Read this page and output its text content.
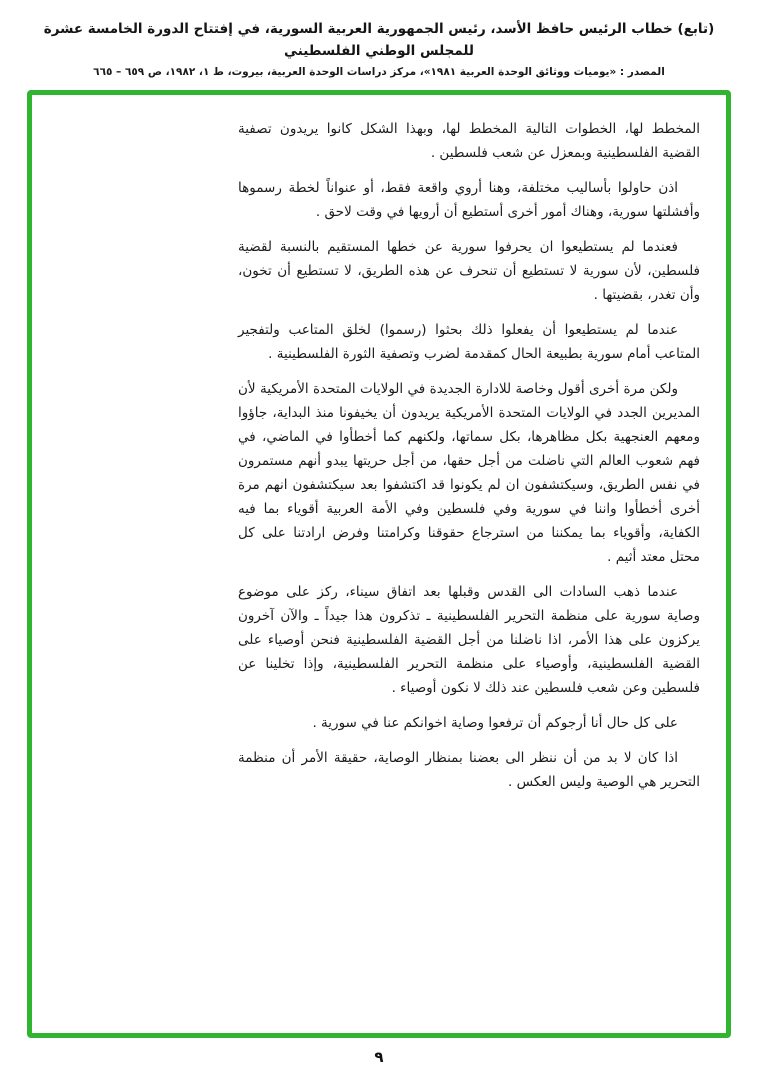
(تابع) خطاب الرئيس حافظ الأسد، رئيس الجمهورية العربية السورية، في إفتتاح الدورة الخامسة عشرة للمجلس الوطني الفلسطيني
المصدر : «يوميات ووثائق الوحدة العربية ١٩٨١»، مركز دراسات الوحدة العربية، بيروت، ط ١، ١٩٨٢، ص ٦٥٩ – ٦٦٥

المخطط لها، الخطوات التالية المخطط لها، وبهذا الشكل كانوا يريدون تصفية القضية الفلسطينية وبمعزل عن شعب فلسطين .

اذن حاولوا بأساليب مختلفة، وهنا أروي واقعة فقط، أو عنواناً لخطة رسموها وأفشلتها سورية، وهناك أمور أخرى أستطيع أن أرويها في وقت لاحق .

فعندما لم يستطيعوا ان يحرفوا سورية عن خطها المستقيم بالنسبة لقضية فلسطين، لأن سورية لا تستطيع أن تنحرف عن هذه الطريق، لا تستطيع أن تخون، وأن تغدر، بقضيتها .

عندما لم يستطيعوا أن يفعلوا ذلك بحثوا (رسموا) لخلق المتاعب ولتفجير المتاعب أمام سورية بطبيعة الحال كمقدمة لضرب وتصفية الثورة الفلسطينية .

ولكن مرة أخرى أقول وخاصة للادارة الجديدة في الولايات المتحدة الأمريكية لأن المديرين الجدد في الولايات المتحدة الأمريكية يريدون أن يخيفونا منذ البداية، جاؤوا ومعهم العنجهية بكل مظاهرها، بكل سماتها، ولكنهم كما أخطأوا في الماضي، في فهم شعوب العالم التي ناضلت من أجل حقها، من أجل حريتها يبدو أنهم مستمرون في نفس الطريق، وسيكتشفون ان لم يكونوا قد اكتشفوا بعد سيكتشفون انهم مرة أخرى أخطأوا واننا في سورية وفي فلسطين وفي الأمة العربية أقوياء بما فيه الكفاية، وأقوياء بما يمكننا من استرجاع حقوقنا وكرامتنا وفرض ارادتنا على كل محتل معتد أثيم .

عندما ذهب السادات الى القدس وقبلها بعد اتفاق سيناء، ركز على موضوع وصاية سورية على منظمة التحرير الفلسطينية ـ تذكرون هذا جيداً ـ والآن آخرون يركزون على هذا الأمر، اذا ناضلنا من أجل القضية الفلسطينية فنحن أوصياء على القضية الفلسطينية، وأوصياء على منظمة التحرير الفلسطينية، وإذا تخلينا عن فلسطين وعن شعب فلسطين عند ذلك لا نكون أوصياء .

على كل حال أنا أرجوكم أن ترفعوا وصاية اخوانكم عنا في سورية .

اذا كان لا بد من أن ننظر الى بعضنا بمنظار الوصاية، حقيقة الأمر أن منظمة التحرير هي الوصية وليس العكس .

٩
